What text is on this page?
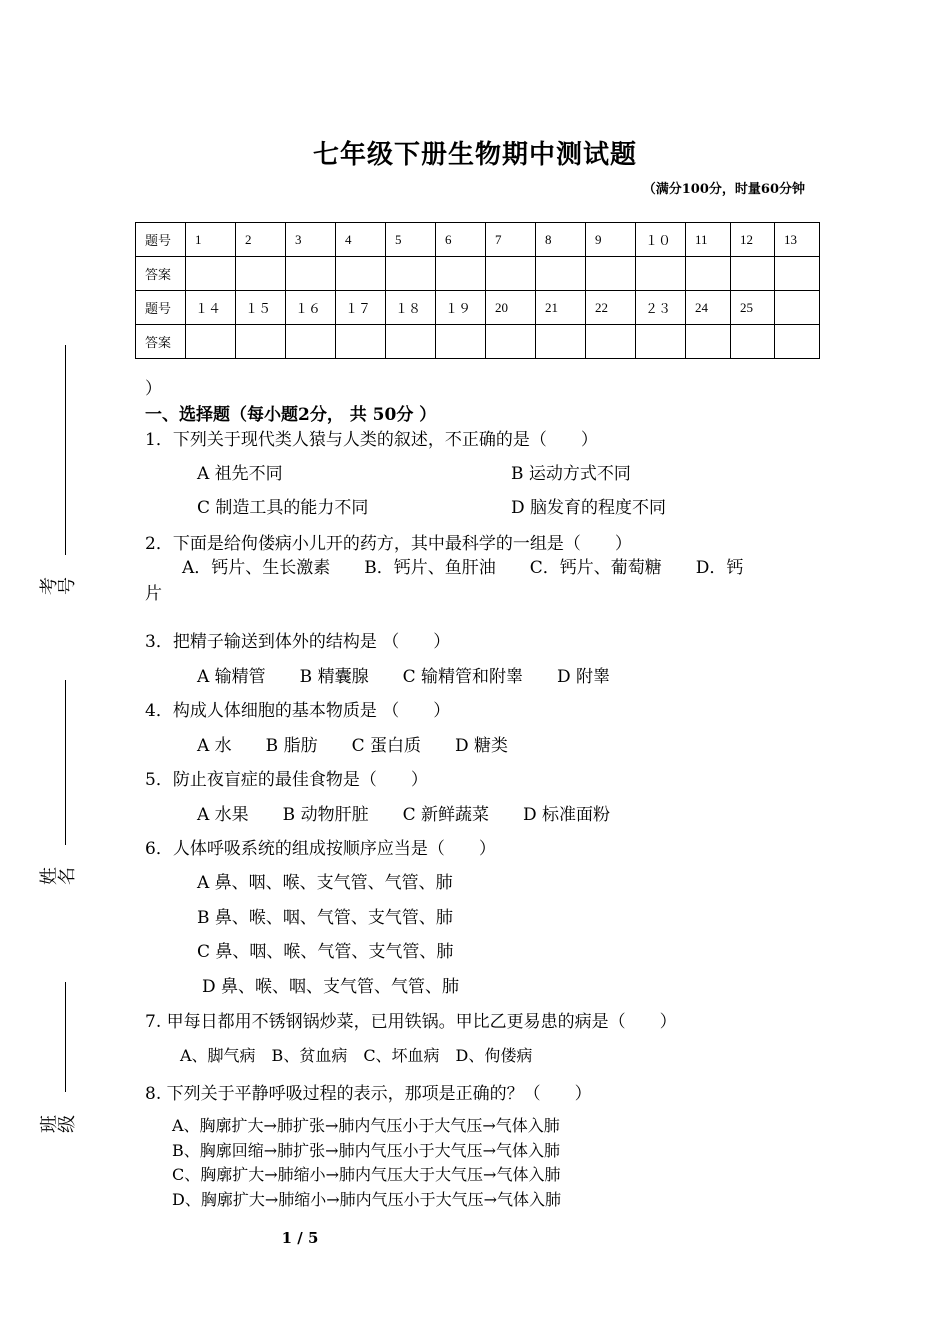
七年级下册生物期中测试题
（满分100分，时量60分钟
题号	1	2	3	4	5	6	7	8	9	１０	11	12	13
答案													
题号	１４	１５	１６	１７	１８	１９	20	21	22	２３	24	25	
答案													
考号
姓名
班级
）
一、选择题（每小题2分， 共 50分 ）
1．下列关于现代类人猿与人类的叙述，不正确的是（　　）
A 祖先不同	B 运动方式不同
C 制造工具的能力不同	D 脑发育的程度不同
2．下面是给佝偻病小儿开的药方，其中最科学的一组是（　　）
A．钙片、生长激素　　B．钙片、鱼肝油　　C．钙片、葡萄糖　　D．钙
片
3．把精子输送到体外的结构是 （　　）
A 输精管　　B 精囊腺　　C 输精管和附睾　　D 附睾
4．构成人体细胞的基本物质是 （　　）
A 水　　B 脂肪　　C 蛋白质　　D 糖类
5．防止夜盲症的最佳食物是（　　）
A 水果　　B 动物肝脏　　C 新鲜蔬菜　　D 标准面粉
6．人体呼吸系统的组成按顺序应当是（　　）
A 鼻、咽、喉、支气管、气管、肺
B 鼻、喉、咽、气管、支气管、肺
C 鼻、咽、喉、气管、支气管、肺
D 鼻、喉、咽、支气管、气管、肺
7. 甲每日都用不锈钢锅炒菜，已用铁锅。甲比乙更易患的病是（　　）
A、脚气病　B、贫血病　C、坏血病　D、佝偻病
8. 下列关于平静呼吸过程的表示，那项是正确的？（　　）
A、胸廓扩大→肺扩张→肺内气压小于大气压→气体入肺
B、胸廓回缩→肺扩张→肺内气压小于大气压→气体入肺
C、胸廓扩大→肺缩小→肺内气压大于大气压→气体入肺
D、胸廓扩大→肺缩小→肺内气压小于大气压→气体入肺
1 / 5
